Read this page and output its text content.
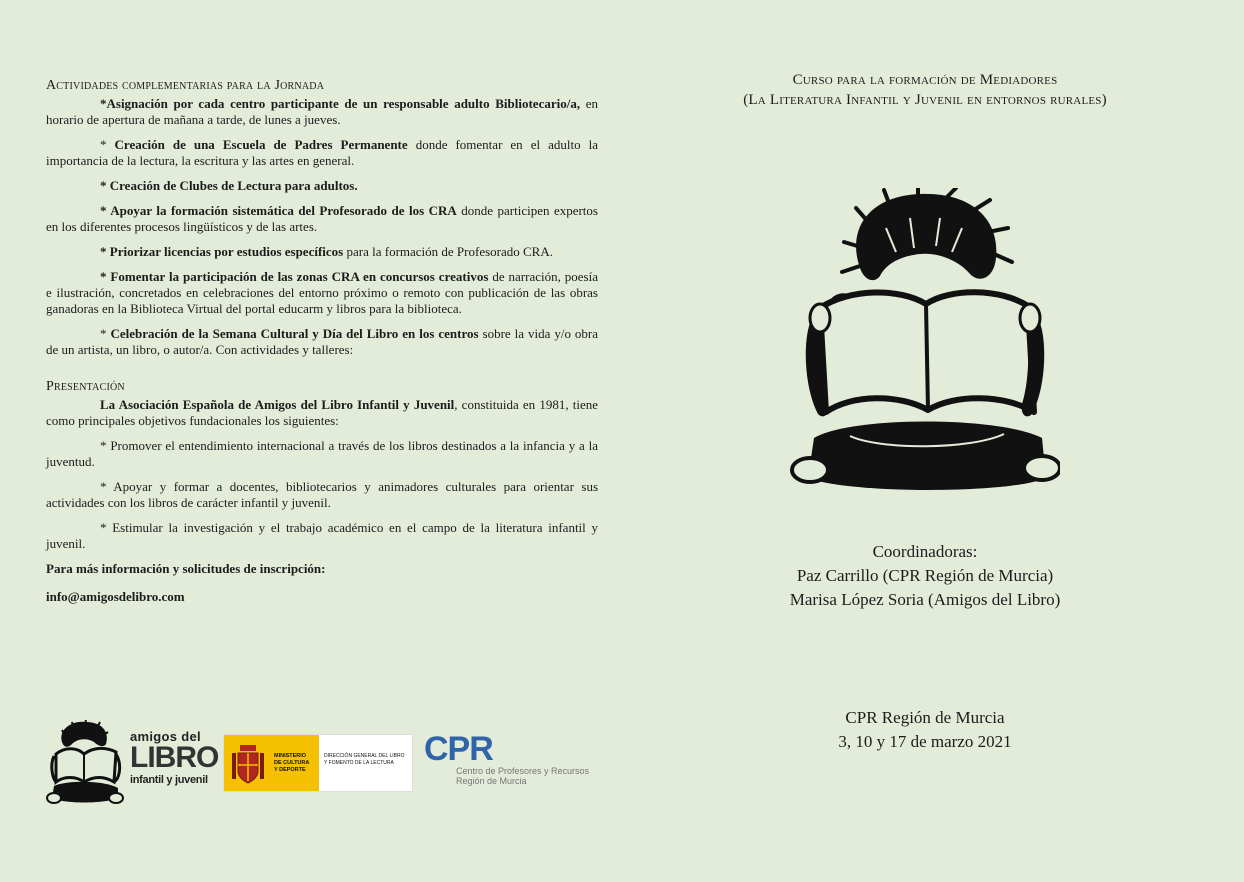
Actividades complementarias para la Jornada

*Asignación por cada centro participante de un responsable adulto Bibliotecario/a, en horario de apertura de mañana a tarde, de lunes a jueves.

* Creación de una Escuela de Padres Permanente donde fomentar en el adulto la importancia de la lectura, la escritura y las artes en general.

* Creación de Clubes de Lectura para adultos.

* Apoyar la formación sistemática del Profesorado de los CRA donde participen expertos en los diferentes procesos lingüísticos y de las artes.

* Priorizar licencias por estudios específicos para la formación de Profesorado CRA.

* Fomentar la participación de las zonas CRA en concursos creativos de narración, poesía e ilustración, concretados en celebraciones del entorno próximo o remoto con publicación de las obras ganadoras en la Biblioteca Virtual del portal educarm y libros para la biblioteca.

* Celebración de la Semana Cultural y Día del Libro en los centros sobre la vida y/o obra de un artista, un libro, o autor/a. Con actividades y talleres:

Presentación

La Asociación Española de Amigos del Libro Infantil y Juvenil, constituida en 1981, tiene como principales objetivos fundacionales los siguientes:

* Promover el entendimiento internacional a través de los libros destinados a la infancia y a la juventud.

* Apoyar y formar a docentes, bibliotecarios y animadores culturales para orientar sus actividades con los libros de carácter infantil y juvenil.

* Estimular la investigación y el trabajo académico en el campo de la literatura infantil y juvenil.

Para más información y solicitudes de inscripción:

info@amigosdelibro.com

amigos del
LIBRO
infantil y juvenil
MINISTERIO
DE CULTURA
Y DEPORTE
DIRECCIÓN GENERAL DEL LIBRO
Y FOMENTO DE LA LECTURA CPR
Centro de Profesores y Recursos
Región de Murcia
Curso para la formación de Mediadores
(La Literatura Infantil y Juvenil en entornos rurales)
Coordinadoras:
Paz Carrillo (CPR Región de Murcia)
Marisa López Soria (Amigos del Libro)
CPR Región de Murcia
3, 10 y 17 de marzo 2021
